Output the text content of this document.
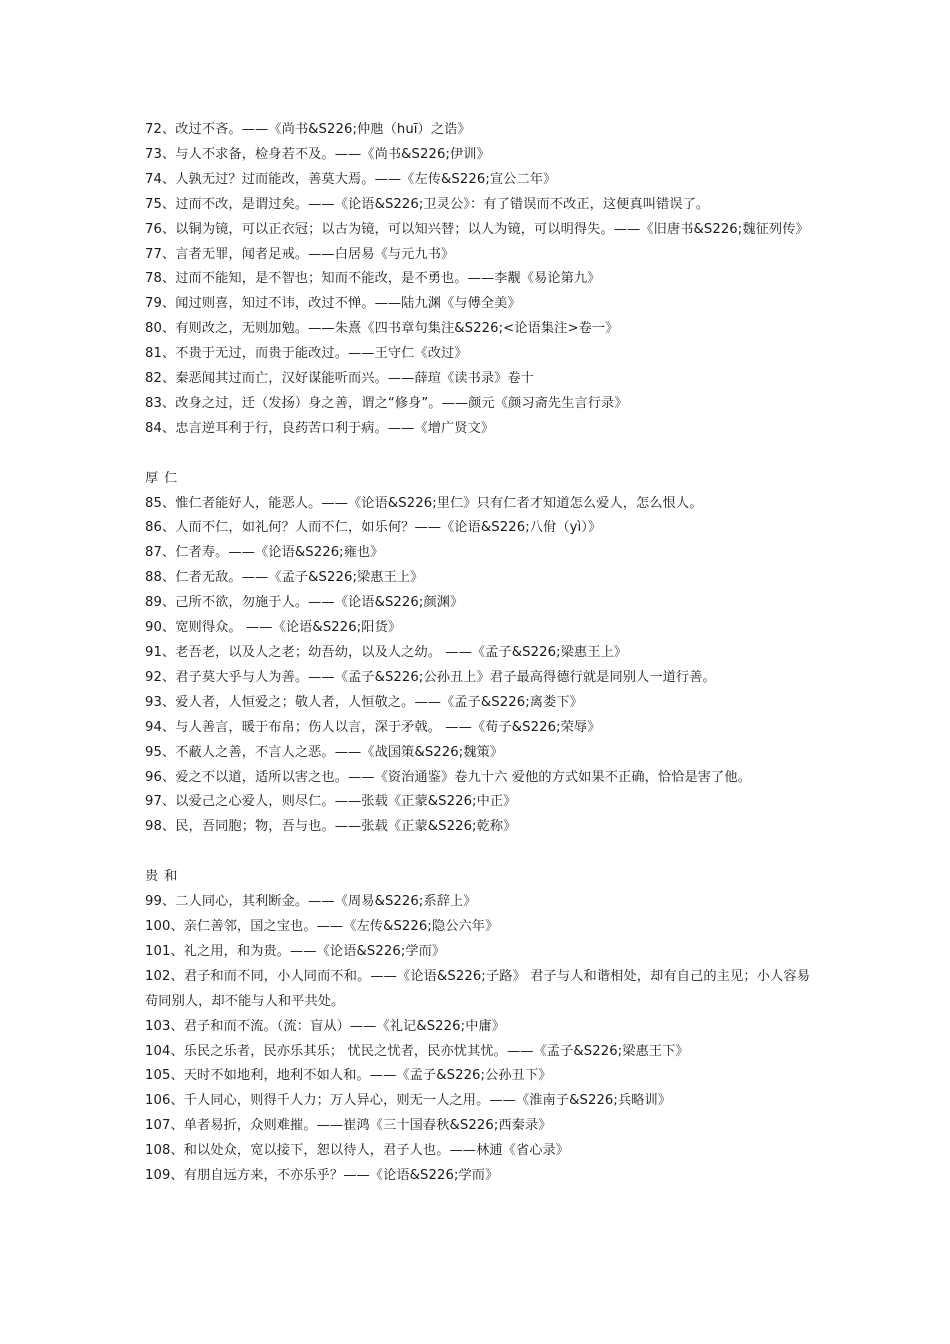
72、改过不吝。——《尚书&S226;仲虺（huī）之诰》
73、与人不求备，检身若不及。——《尚书&S226;伊训》
74、人孰无过？过而能改，善莫大焉。——《左传&S226;宣公二年》
75、过而不改，是谓过矣。——《论语&S226;卫灵公》：有了错误而不改正，这便真叫错误了。
76、以铜为镜，可以正衣冠；以古为镜，可以知兴替；以人为镜，可以明得失。——《旧唐书&S226;魏征列传》
77、言者无罪，闻者足戒。——白居易《与元九书》
78、过而不能知，是不智也；知而不能改，是不勇也。——李觏《易论第九》
79、闻过则喜，知过不讳，改过不惮。——陆九渊《与傅全美》
80、有则改之，无则加勉。——朱熹《四书章句集注&S226;<论语集注>卷一》
81、不贵于无过，而贵于能改过。——王守仁《改过》
82、秦恶闻其过而亡，汉好谋能听而兴。——薛瑄《读书录》卷十
83、改身之过，迁（发扬）身之善，谓之“修身”。——颜元《颜习斋先生言行录》
84、忠言逆耳利于行，良药苦口利于病。——《增广贤文》
厚仁
85、惟仁者能好人，能恶人。——《论语&S226;里仁》只有仁者才知道怎么爱人，怎么恨人。
86、人而不仁，如礼何？人而不仁，如乐何？——《论语&S226;八佾（yì）》
87、仁者寿。——《论语&S226;雍也》
88、仁者无敌。——《孟子&S226;梁惠王上》
89、己所不欲，勿施于人。——《论语&S226;颜渊》
90、宽则得众。 ——《论语&S226;阳货》
91、老吾老，以及人之老；幼吾幼，以及人之幼。 ——《孟子&S226;梁惠王上》
92、君子莫大乎与人为善。——《孟子&S226;公孙丑上》君子最高得德行就是同别人一道行善。
93、爱人者，人恒爱之；敬人者，人恒敬之。——《孟子&S226;离娄下》
94、与人善言，暖于布帛；伤人以言，深于矛戟。 ——《荀子&S226;荣辱》
95、不蔽人之善，不言人之恶。——《战国策&S226;魏策》
96、爱之不以道，适所以害之也。——《资治通鉴》卷九十六 爱他的方式如果不正确，恰恰是害了他。
97、以爱己之心爱人，则尽仁。——张载《正蒙&S226;中正》
98、民，吾同胞；物，吾与也。——张载《正蒙&S226;乾称》
贵和
99、二人同心，其利断金。——《周易&S226;系辞上》
100、亲仁善邻，国之宝也。——《左传&S226;隐公六年》
101、礼之用，和为贵。——《论语&S226;学而》
102、君子和而不同，小人同而不和。——《论语&S226;子路》 君子与人和谐相处，却有自己的主见；小人容易苟同别人，却不能与人和平共处。
103、君子和而不流。（流：盲从）——《礼记&S226;中庸》
104、乐民之乐者，民亦乐其乐； 忧民之忧者，民亦忧其忧。——《孟子&S226;梁惠王下》
105、天时不如地利，地利不如人和。——《孟子&S226;公孙丑下》
106、千人同心，则得千人力；万人异心，则无一人之用。——《淮南子&S226;兵略训》
107、单者易折，众则难摧。——崔鸿《三十国春秋&S226;西秦录》
108、和以处众，宽以接下，恕以待人，君子人也。——林逋《省心录》
109、有朋自远方来，不亦乐乎？——《论语&S226;学而》
